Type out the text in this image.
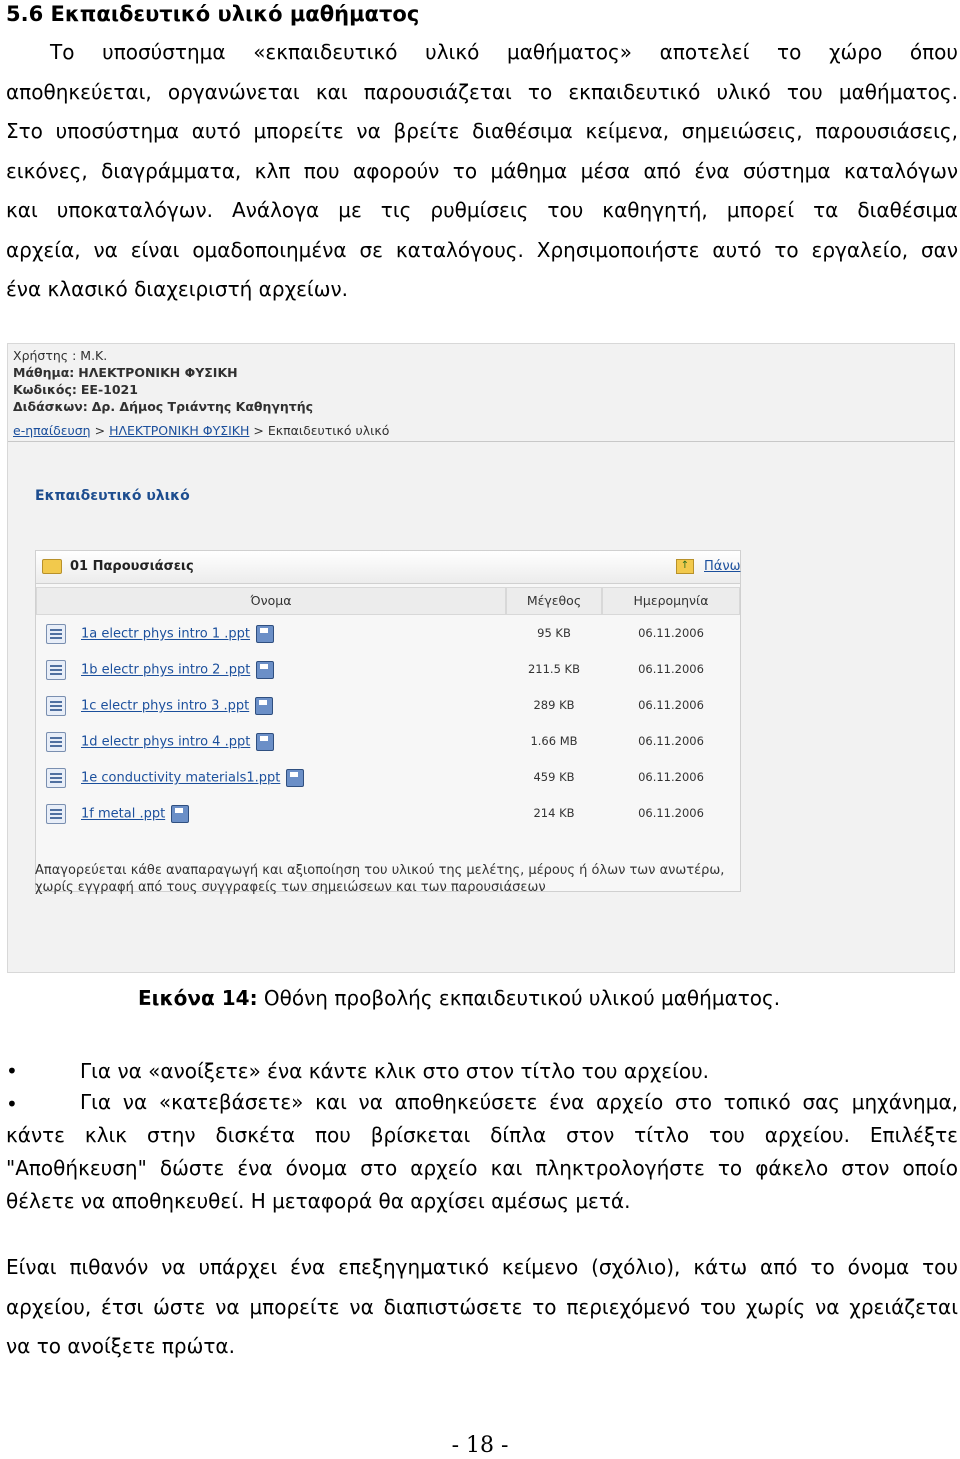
5.6 Εκπαιδευτικό υλικό μαθήματος
Το υποσύστημα «εκπαιδευτικό υλικό μαθήματος» αποτελεί το χώρο όπου
αποθηκεύεται, οργανώνεται και παρουσιάζεται το εκπαιδευτικό υλικό του μαθήματος.
Στο υποσύστημα αυτό μπορείτε να βρείτε διαθέσιμα κείμενα, σημειώσεις, παρουσιάσεις,
εικόνες, διαγράμματα, κλπ που αφορούν το μάθημα μέσα από ένα σύστημα καταλόγων
και υποκαταλόγων. Ανάλογα με τις ρυθμίσεις του καθηγητή, μπορεί τα διαθέσιμα
αρχεία, να είναι ομαδοποιημένα σε καταλόγους. Χρησιμοποιήστε αυτό το εργαλείο, σαν
ένα κλασικό διαχειριστή αρχείων.
Χρήστης : Μ.Κ.
Μάθημα: ΗΛΕΚΤΡΟΝΙΚΗ ΦΥΣΙΚΗ
Κωδικός: ΕΕ-1021
Διδάσκων: Δρ. Δήμος Τριάντης Καθηγητής
e-ηπαίδευση > ΗΛΕΚΤΡΟΝΙΚΗ ΦΥΣΙΚΗ > Εκπαιδευτικό υλικό
Εκπαιδευτικό υλικό
01 Παρουσιάσεις	↑	Πάνω
Όνομα	Μέγεθος	Ημερομηνία
1a electr phys intro 1 .ppt	95 KB	06.11.2006
1b electr phys intro 2 .ppt	211.5 KB	06.11.2006
1c electr phys intro 3 .ppt	289 KB	06.11.2006
1d electr phys intro 4 .ppt	1.66 MB	06.11.2006
1e conductivity materials1.ppt	459 KB	06.11.2006
1f metal .ppt	214 KB	06.11.2006
Απαγορεύεται κάθε αναπαραγωγή και αξιοποίηση του υλικού της μελέτης, μέρους ή όλων των ανωτέρω,
χωρίς εγγραφή από τους συγγραφείς των σημειώσεων και των παρουσιάσεων
Εικόνα 14: Οθόνη προβολής εκπαιδευτικού υλικού μαθήματος.
•	Για να «ανοίξετε» ένα κάντε κλικ στο στον τίτλο του αρχείου.
•	Για να «κατεβάσετε» και να αποθηκεύσετε ένα αρχείο στο τοπικό σας μηχάνημα,
κάντε κλικ στην δισκέτα που βρίσκεται δίπλα στον τίτλο του αρχείου. Επιλέξτε
"Αποθήκευση" δώστε ένα όνομα στο αρχείο και πληκτρολογήστε το φάκελο στον οποίο
θέλετε να αποθηκευθεί. Η μεταφορά θα αρχίσει αμέσως μετά.
Είναι πιθανόν να υπάρχει ένα επεξηγηματικό κείμενο (σχόλιο), κάτω από το όνομα του
αρχείου, έτσι ώστε να μπορείτε να διαπιστώσετε το περιεχόμενό του χωρίς να χρειάζεται
να το ανοίξετε πρώτα.
- 18 -
